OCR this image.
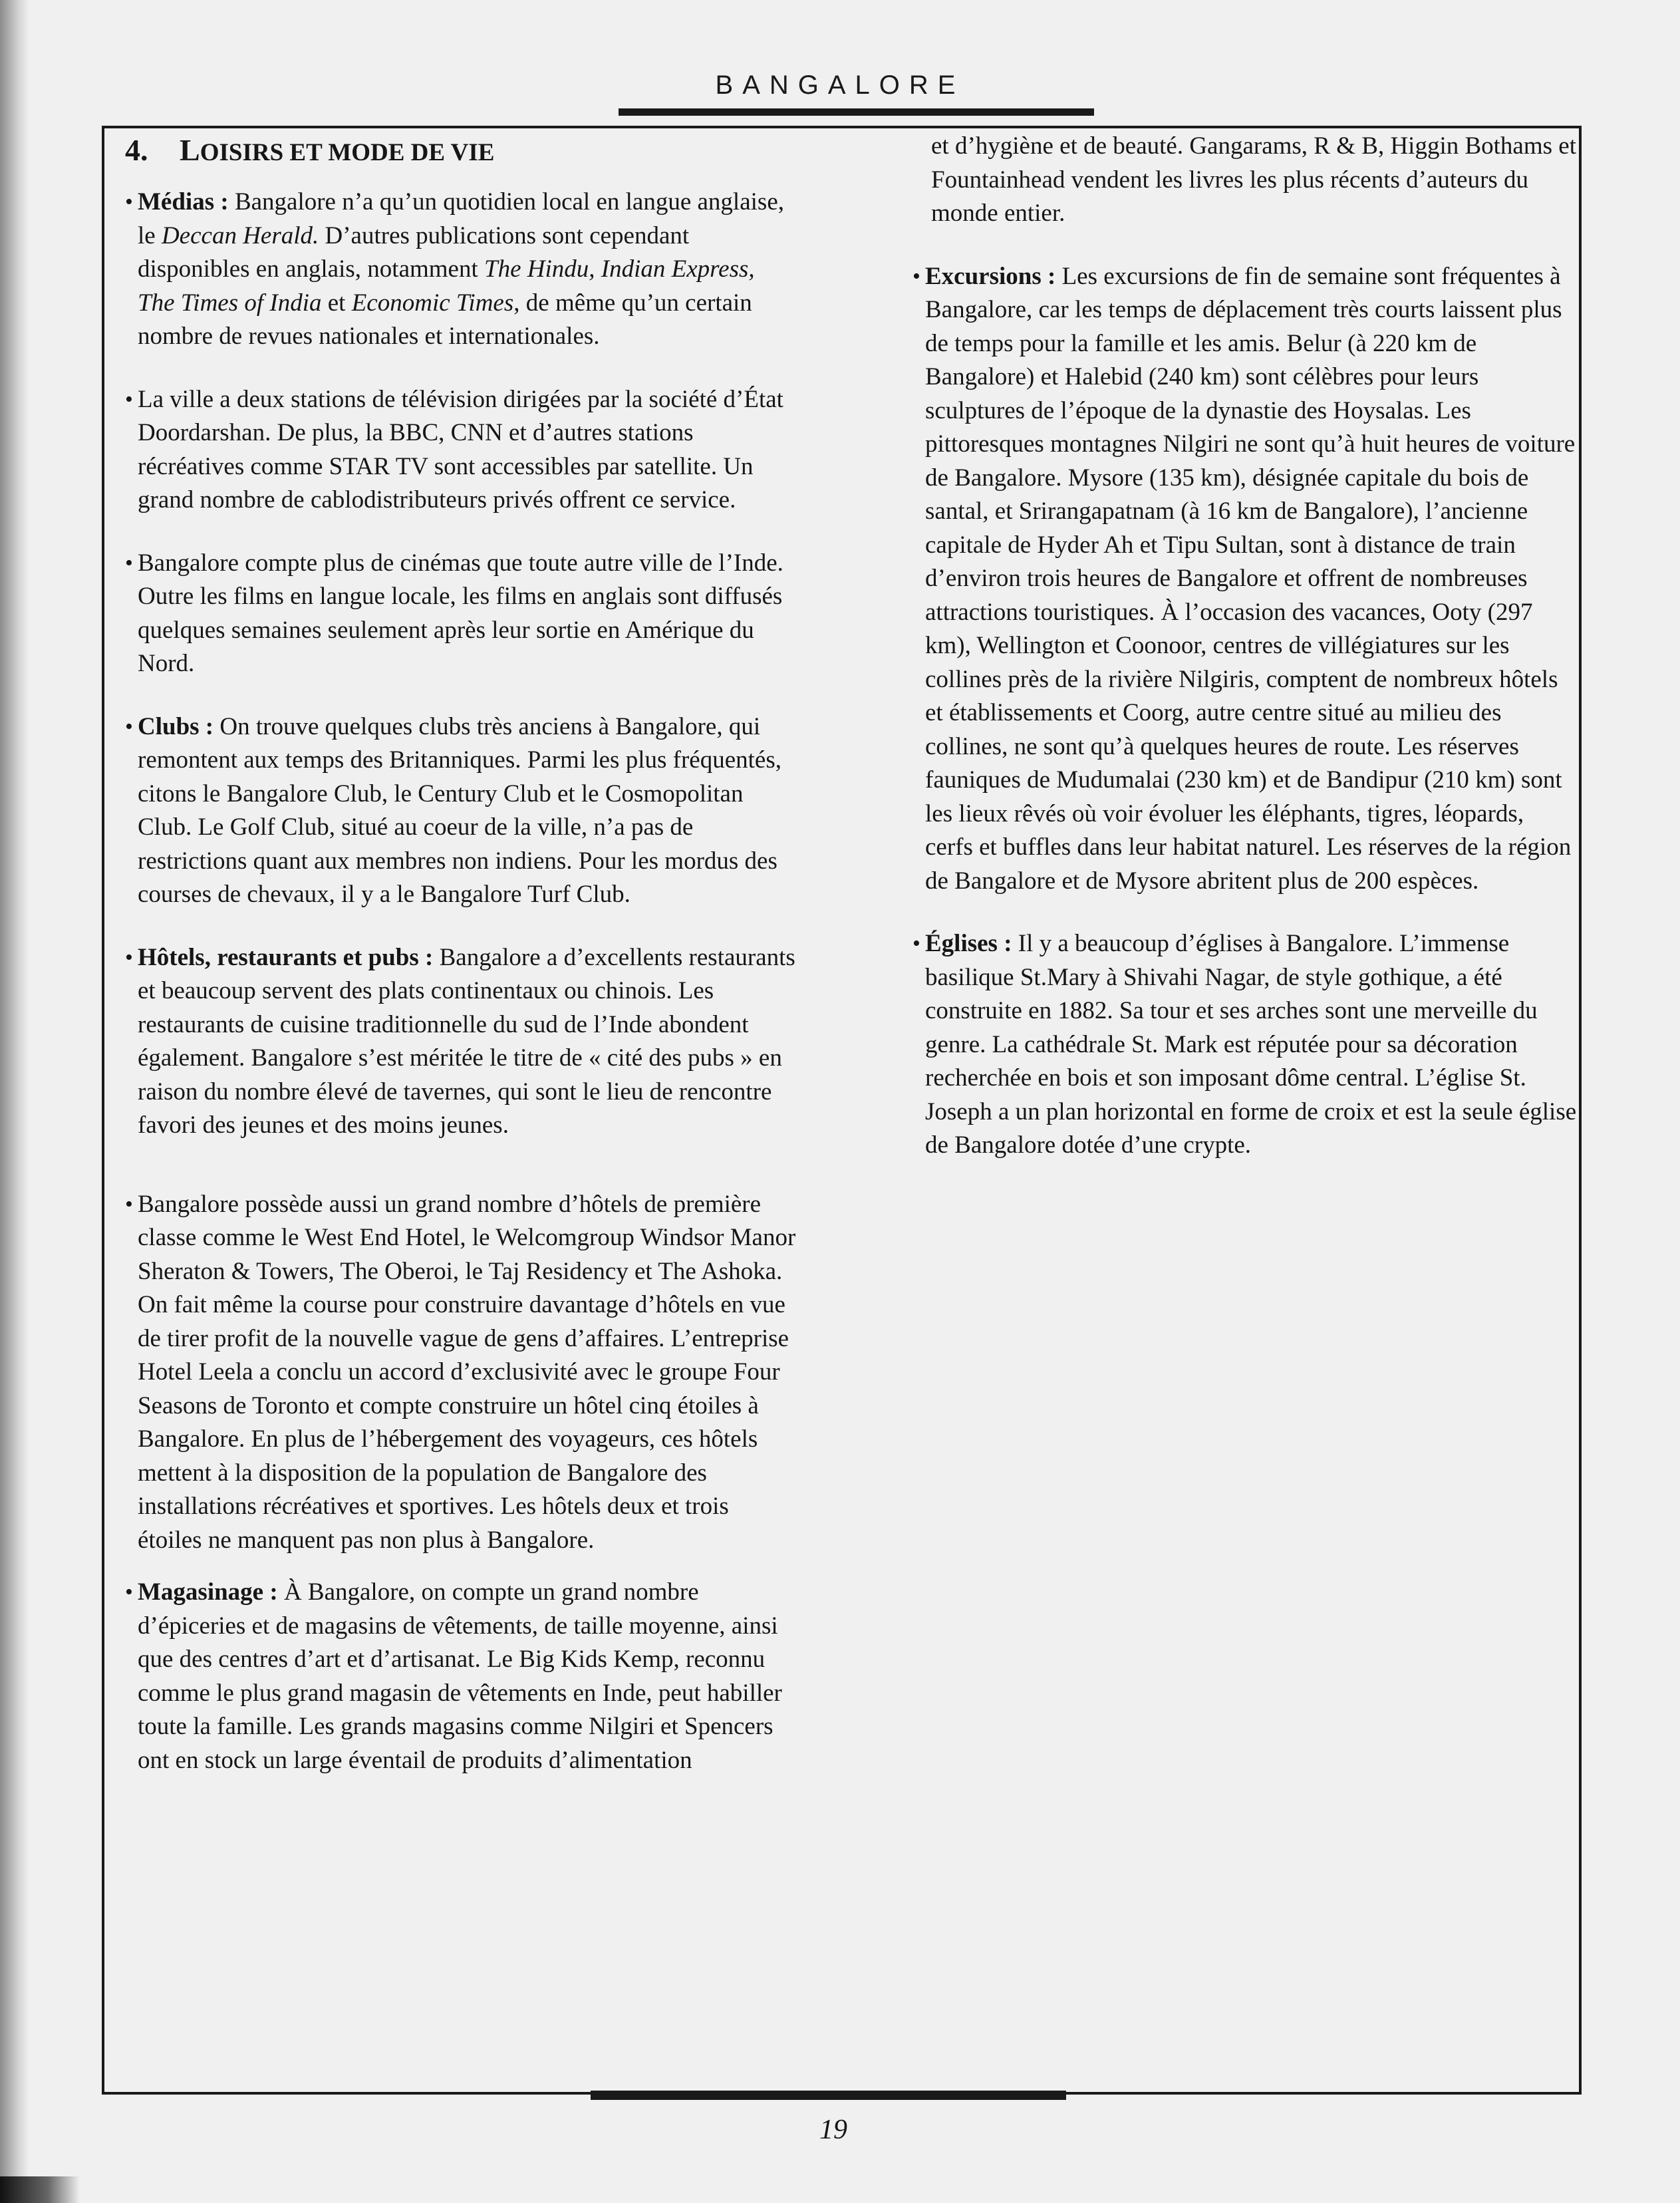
BANGALORE
19
4. LOISIRS ET MODE DE VIE
• Médias : Bangalore n’a qu’un quotidien local en langue anglaise, le Deccan Herald. D’autres publications sont cependant disponibles en anglais, notamment The Hindu, Indian Express, The Times of India et Economic Times, de même qu’un certain nombre de revues nationales et internationales.

• La ville a deux stations de télévision dirigées par la société d’État Doordarshan. De plus, la BBC, CNN et d’autres stations récréatives comme STAR TV sont accessibles par satellite. Un grand nombre de cablodistributeurs privés offrent ce service.

• Bangalore compte plus de cinémas que toute autre ville de l’Inde. Outre les films en langue locale, les films en anglais sont diffusés quelques semaines seulement après leur sortie en Amérique du Nord.

• Clubs : On trouve quelques clubs très anciens à Bangalore, qui remontent aux temps des Britanniques. Parmi les plus fréquentés, citons le Bangalore Club, le Century Club et le Cosmopolitan Club. Le Golf Club, situé au coeur de la ville, n’a pas de restrictions quant aux membres non indiens. Pour les mordus des courses de chevaux, il y a le Bangalore Turf Club.

• Hôtels, restaurants et pubs : Bangalore a d’excellents restaurants et beaucoup servent des plats continentaux ou chinois. Les restaurants de cuisine traditionnelle du sud de l’Inde abondent également. Bangalore s’est méritée le titre de « cité des pubs » en raison du nombre élevé de tavernes, qui sont le lieu de rencontre favori des jeunes et des moins jeunes.

• Bangalore possède aussi un grand nombre d’hôtels de première classe comme le West End Hotel, le Welcomgroup Windsor Manor Sheraton & Towers, The Oberoi, le Taj Residency et The Ashoka. On fait même la course pour construire davantage d’hôtels en vue de tirer profit de la nouvelle vague de gens d’affaires. L’entreprise Hotel Leela a conclu un accord d’exclusivité avec le groupe Four Seasons de Toronto et compte construire un hôtel cinq étoiles à Bangalore. En plus de l’hébergement des voyageurs, ces hôtels mettent à la disposition de la population de Bangalore des installations récréatives et sportives. Les hôtels deux et trois étoiles ne manquent pas non plus à Bangalore.

• Magasinage : À Bangalore, on compte un grand nombre d’épiceries et de magasins de vêtements, de taille moyenne, ainsi que des centres d’art et d’artisanat. Le Big Kids Kemp, reconnu comme le plus grand magasin de vêtements en Inde, peut habiller toute la famille. Les grands magasins comme Nilgiri et Spencers ont en stock un large éventail de produits d’alimentation

et d’hygiène et de beauté. Gangarams, R & B, Higgin Bothams et Fountainhead vendent les livres les plus récents d’auteurs du monde entier.

• Excursions : Les excursions de fin de semaine sont fréquentes à Bangalore, car les temps de déplacement très courts laissent plus de temps pour la famille et les amis. Belur (à 220 km de Bangalore) et Halebid (240 km) sont célèbres pour leurs sculptures de l’époque de la dynastie des Hoysalas. Les pittoresques montagnes Nilgiri ne sont qu’à huit heures de voiture de Bangalore. Mysore (135 km), désignée capitale du bois de santal, et Srirangapatnam (à 16 km de Bangalore), l’ancienne capitale de Hyder Ah et Tipu Sultan, sont à distance de train d’environ trois heures de Bangalore et offrent de nombreuses attractions touristiques. À l’occasion des vacances, Ooty (297 km), Wellington et Coonoor, centres de villégiatures sur les collines près de la rivière Nilgiris, comptent de nombreux hôtels et établissements et Coorg, autre centre situé au milieu des collines, ne sont qu’à quelques heures de route. Les réserves fauniques de Mudumalai (230 km) et de Bandipur (210 km) sont les lieux rêvés où voir évoluer les éléphants, tigres, léopards, cerfs et buffles dans leur habitat naturel. Les réserves de la région de Bangalore et de Mysore abritent plus de 200 espèces.

• Églises : Il y a beaucoup d’églises à Bangalore. L’immense basilique St.Mary à Shivahi Nagar, de style gothique, a été construite en 1882. Sa tour et ses arches sont une merveille du genre. La cathédrale St. Mark est réputée pour sa décoration recherchée en bois et son imposant dôme central. L’église St. Joseph a un plan horizontal en forme de croix et est la seule église de Bangalore dotée d’une crypte.
